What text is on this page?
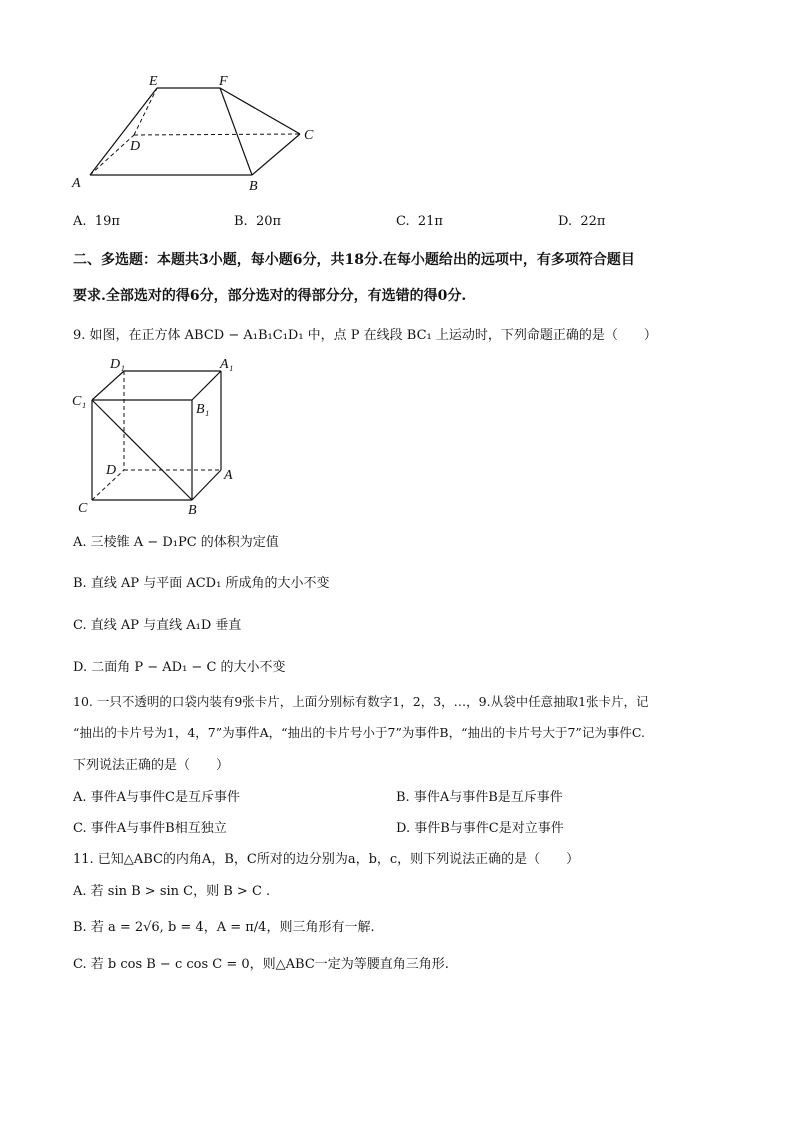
E	F
D
C
A	B
A. 19π	B. 20π	C. 21π	D. 22π
二、多选题：本题共3小题，每小题6分，共18分.在每小题给出的远项中，有多项符合题目
要求.全部选对的得6分，部分选对的得部分分，有选错的得0分.
9. 如图，在正方体 ABCD − A₁B₁C₁D₁ 中，点 P 在线段 BC₁ 上运动时，下列命题正确的是（　　）
D₁	A₁
C₁
B₁
D	A
C	B
A. 三棱锥 A − D₁PC 的体积为定值
B. 直线 AP 与平面 ACD₁ 所成角的大小不变
C. 直线 AP 与直线 A₁D 垂直
D. 二面角 P − AD₁ − C 的大小不变
10. 一只不透明的口袋内装有9张卡片，上面分别标有数字1，2，3，…，9.从袋中任意抽取1张卡片，记
“抽出的卡片号为1，4，7”为事件A，“抽出的卡片号小于7”为事件B，“抽出的卡片号大于7”记为事件C.
下列说法正确的是（　　）
A. 事件A与事件C是互斥事件	B. 事件A与事件B是互斥事件
C. 事件A与事件B相互独立	D. 事件B与事件C是对立事件
11. 已知△ABC的内角A，B，C所对的边分别为a，b，c，则下列说法正确的是（　　）
A. 若 sin B > sin C，则 B > C .
B. 若 a = 2√6, b = 4，A = π/4，则三角形有一解.
C. 若 b cos B − c cos C = 0，则△ABC一定为等腰直角三角形.
